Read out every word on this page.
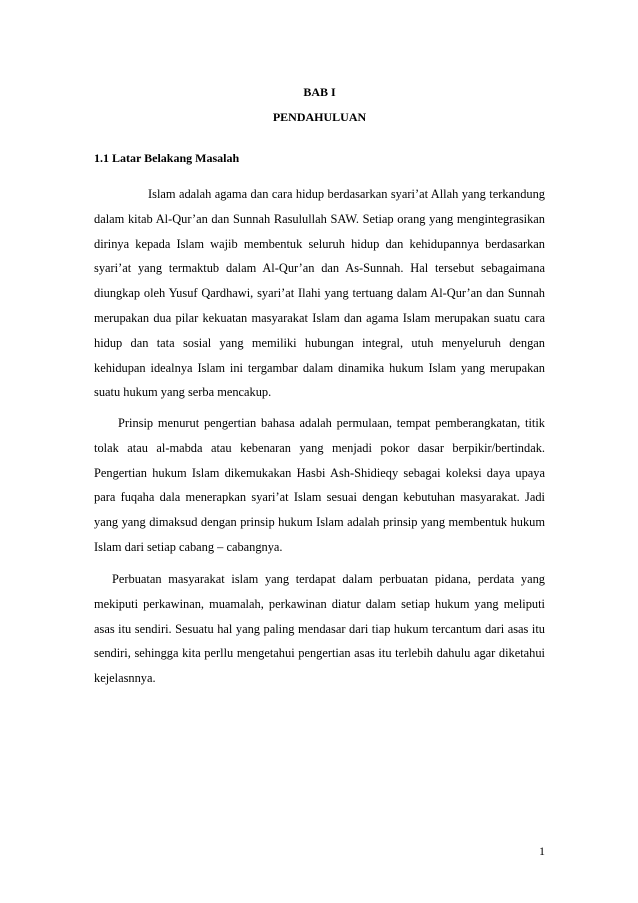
BAB I
PENDAHULUAN
1.1 Latar Belakang Masalah

Islam adalah agama dan cara hidup berdasarkan syari’at Allah yang terkandung dalam kitab Al-Qur’an dan Sunnah Rasulullah SAW. Setiap orang yang mengintegrasikan dirinya kepada Islam wajib membentuk seluruh hidup dan kehidupannya berdasarkan syari’at yang termaktub dalam Al-Qur’an dan As-Sunnah. Hal tersebut sebagaimana diungkap oleh Yusuf Qardhawi, syari’at Ilahi yang tertuang dalam Al-Qur’an dan Sunnah merupakan dua pilar kekuatan masyarakat Islam dan agama Islam merupakan suatu cara hidup dan tata sosial yang memiliki hubungan integral, utuh menyeluruh dengan kehidupan idealnya Islam ini tergambar dalam dinamika hukum Islam yang merupakan suatu hukum yang serba mencakup.

Prinsip menurut pengertian bahasa adalah permulaan, tempat pemberangkatan, titik tolak atau al-mabda atau kebenaran yang menjadi pokor dasar berpikir/bertindak. Pengertian hukum Islam dikemukakan Hasbi Ash-Shidieqy sebagai koleksi daya upaya para fuqaha dala menerapkan syari’at Islam sesuai dengan kebutuhan masyarakat. Jadi yang yang dimaksud dengan prinsip hukum Islam adalah prinsip yang membentuk hukum Islam dari setiap cabang – cabangnya.

Perbuatan masyarakat islam yang terdapat dalam perbuatan pidana, perdata yang mekiputi perkawinan, muamalah, perkawinan diatur dalam setiap hukum yang meliputi asas itu sendiri. Sesuatu hal yang paling mendasar dari tiap hukum tercantum dari asas itu sendiri, sehingga kita perllu mengetahui pengertian asas itu terlebih dahulu agar diketahui kejelasnnya.

1
